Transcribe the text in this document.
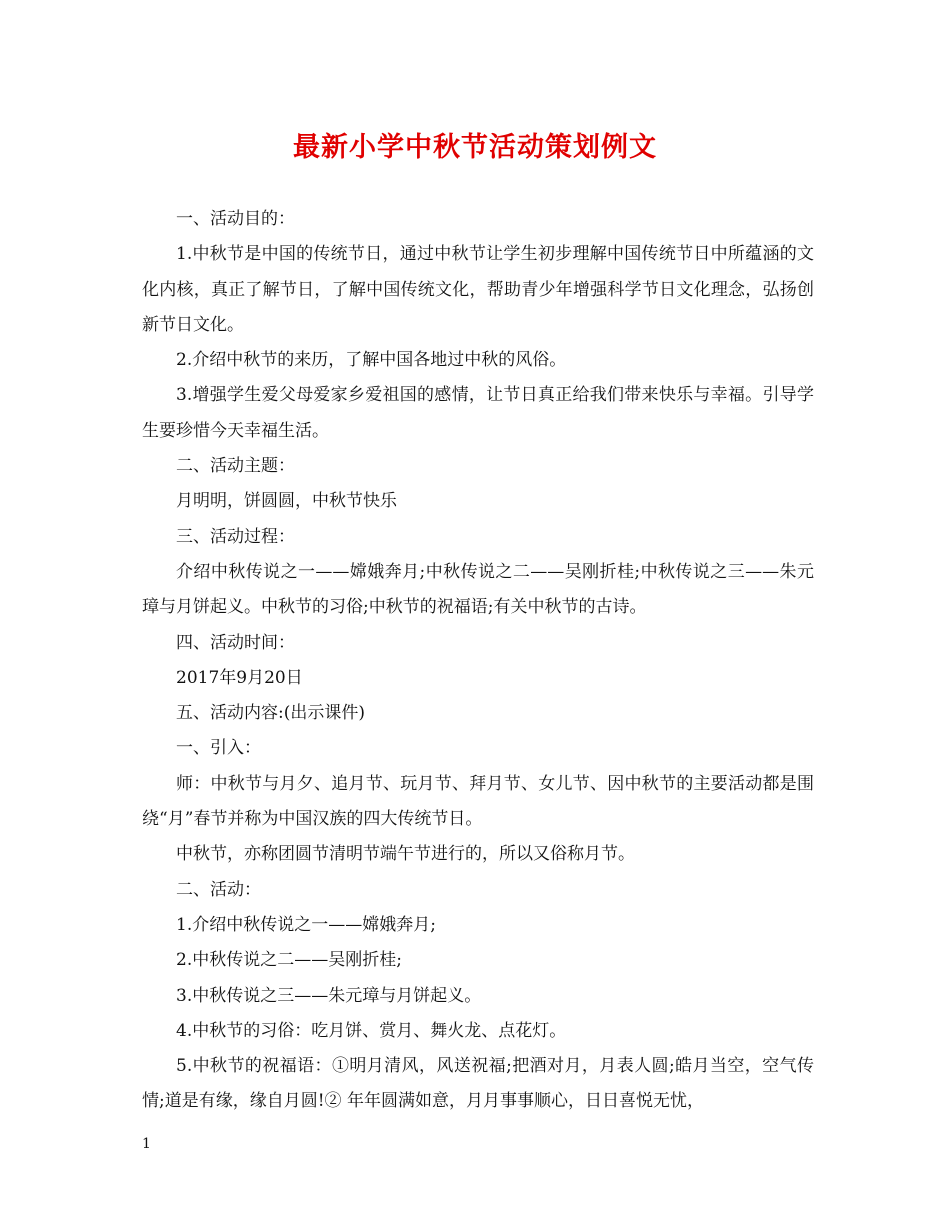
最新小学中秋节活动策划例文

一、活动目的：

1.中秋节是中国的传统节日，通过中秋节让学生初步理解中国传统节日中所蕴涵的文化内核，真正了解节日，了解中国传统文化，帮助青少年增强科学节日文化理念，弘扬创新节日文化。

2.介绍中秋节的来历，了解中国各地过中秋的风俗。

3.增强学生爱父母爱家乡爱祖国的感情，让节日真正给我们带来快乐与幸福。引导学生要珍惜今天幸福生活。

二、活动主题：

月明明，饼圆圆，中秋节快乐

三、活动过程：

介绍中秋传说之一——嫦娥奔月;中秋传说之二——吴刚折桂;中秋传说之三——朱元璋与月饼起义。中秋节的习俗;中秋节的祝福语;有关中秋节的古诗。

四、活动时间：

2017年9月20日

五、活动内容:(出示课件)

一、引入：

师：中秋节与月夕、追月节、玩月节、拜月节、女儿节、因中秋节的主要活动都是围绕“月”春节并称为中国汉族的四大传统节日。

中秋节，亦称团圆节清明节端午节进行的，所以又俗称月节。

二、活动：

1.介绍中秋传说之一——嫦娥奔月;

2.中秋传说之二——吴刚折桂;

3.中秋传说之三——朱元璋与月饼起义。

4.中秋节的习俗：吃月饼、赏月、舞火龙、点花灯。

5.中秋节的祝福语：①明月清风，风送祝福;把酒对月，月表人圆;皓月当空，空气传情;道是有缘，缘自月圆!② 年年圆满如意，月月事事顺心，日日喜悦无忧，

1
